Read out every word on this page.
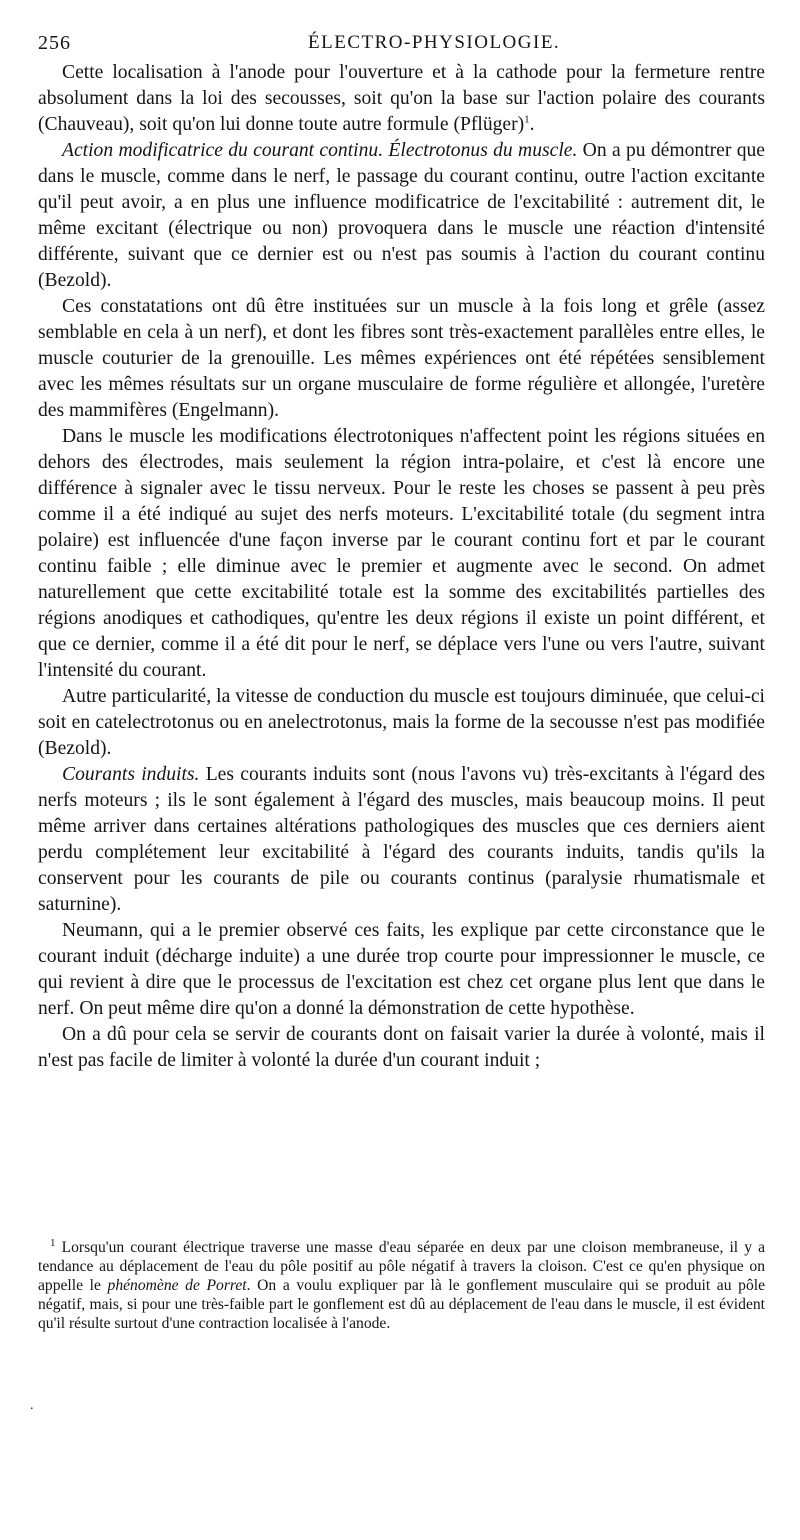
256	ÉLECTRO-PHYSIOLOGIE.

Cette localisation à l'anode pour l'ouverture et à la cathode pour la fermeture rentre absolument dans la loi des secousses, soit qu'on la base sur l'action polaire des courants (Chauveau), soit qu'on lui donne toute autre formule (Pflüger)$^1$.

Action modificatrice du courant continu. Électrotonus du muscle. On a pu démontrer que dans le muscle, comme dans le nerf, le passage du courant continu, outre l'action excitante qu'il peut avoir, a en plus une influence modificatrice de l'excitabilité : autrement dit, le même excitant (électrique ou non) provoquera dans le muscle une réaction d'intensité différente, suivant que ce dernier est ou n'est pas soumis à l'action du courant continu (Bezold).

Ces constatations ont dû être instituées sur un muscle à la fois long et grêle (assez semblable en cela à un nerf), et dont les fibres sont très-exactement parallèles entre elles, le muscle couturier de la grenouille. Les mêmes expériences ont été répétées sensiblement avec les mêmes résultats sur un organe musculaire de forme régulière et allongée, l'uretère des mammifères (Engelmann).

Dans le muscle les modifications électrotoniques n'affectent point les régions situées en dehors des électrodes, mais seulement la région intra-polaire, et c'est là encore une différence à signaler avec le tissu nerveux. Pour le reste les choses se passent à peu près comme il a été indiqué au sujet des nerfs moteurs. L'excitabilité totale (du segment intra polaire) est influencée d'une façon inverse par le courant continu fort et par le courant continu faible ; elle diminue avec le premier et augmente avec le second. On admet naturellement que cette excitabilité totale est la somme des excitabilités partielles des régions anodiques et cathodiques, qu'entre les deux régions il existe un point différent, et que ce dernier, comme il a été dit pour le nerf, se déplace vers l'une ou vers l'autre, suivant l'intensité du courant.

Autre particularité, la vitesse de conduction du muscle est toujours diminuée, que celui-ci soit en catelectrotonus ou en anelectrotonus, mais la forme de la secousse n'est pas modifiée (Bezold).

Courants induits. Les courants induits sont (nous l'avons vu) très-excitants à l'égard des nerfs moteurs ; ils le sont également à l'égard des muscles, mais beaucoup moins. Il peut même arriver dans certaines altérations pathologiques des muscles que ces derniers aient perdu complétement leur excitabilité à l'égard des courants induits, tandis qu'ils la conservent pour les courants de pile ou courants continus (paralysie rhumatismale et saturnine).

Neumann, qui a le premier observé ces faits, les explique par cette circonstance que le courant induit (décharge induite) a une durée trop courte pour impressionner le muscle, ce qui revient à dire que le processus de l'excitation est chez cet organe plus lent que dans le nerf. On peut même dire qu'on a donné la démonstration de cette hypothèse.

On a dû pour cela se servir de courants dont on faisait varier la durée à volonté, mais il n'est pas facile de limiter à volonté la durée d'un courant induit ;

$^1$ Lorsqu'un courant électrique traverse une masse d'eau séparée en deux par une cloison membraneuse, il y a tendance au déplacement de l'eau du pôle positif au pôle négatif à travers la cloison. C'est ce qu'en physique on appelle le phénomène de Porret. On a voulu expliquer par là le gonflement musculaire qui se produit au pôle négatif, mais, si pour une très-faible part le gonflement est dû au déplacement de l'eau dans le muscle, il est évident qu'il résulte surtout d'une contraction localisée à l'anode.

.
